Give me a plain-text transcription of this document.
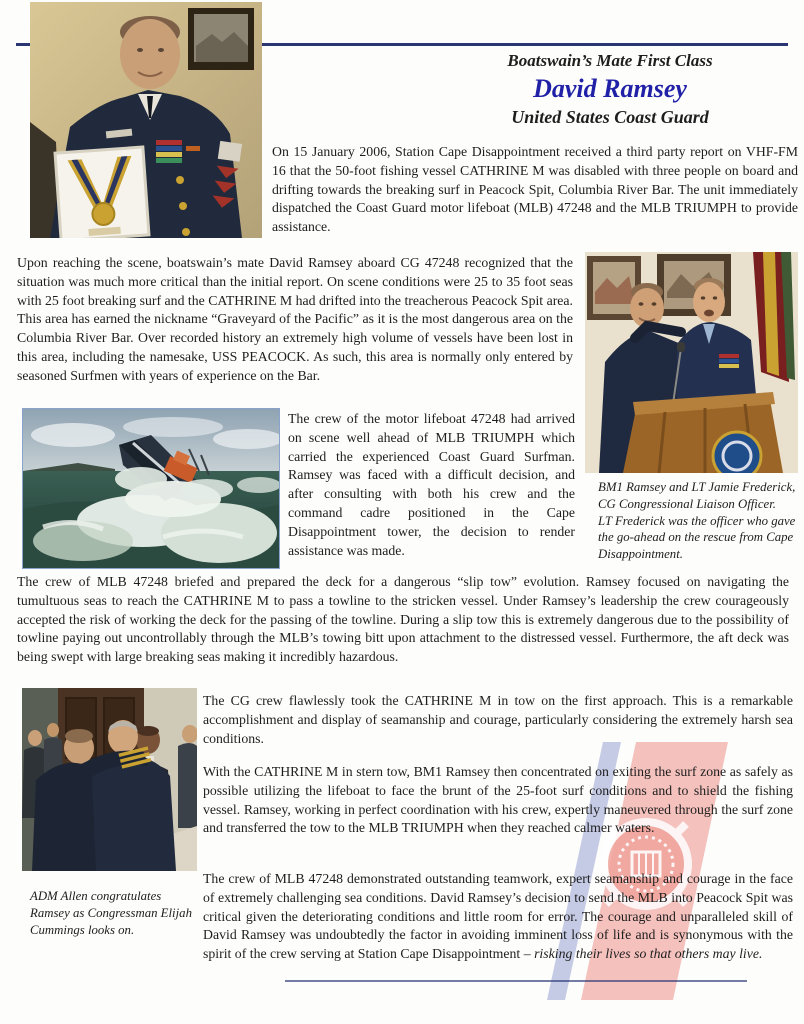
Boatswain’s Mate First Class
David Ramsey
United States Coast Guard
On 15 January 2006, Station Cape Disappointment received a third party report on VHF-FM 16 that the 50-foot fishing vessel CATHRINE M was disabled with three people on board and drifting towards the breaking surf in Peacock Spit, Columbia River Bar. The unit immediately dispatched the Coast Guard motor lifeboat (MLB) 47248 and the MLB TRIUMPH to provide assistance.
Upon reaching the scene, boatswain’s mate David Ramsey aboard CG 47248 recognized that the situation was much more critical than the initial report. On scene conditions were 25 to 35 foot seas with 25 foot breaking surf and the CATHRINE M had drifted into the treacherous Peacock Spit area. This area has earned the nickname “Graveyard of the Pacific” as it is the most dangerous area on the Columbia River Bar. Over recorded history an extremely high volume of vessels have been lost in this area, including the namesake, USS PEACOCK. As such, this area is normally only entered by seasoned Surfmen with years of experience on the Bar.
The crew of the motor lifeboat 47248 had arrived on scene well ahead of MLB TRIUMPH which carried the experienced Coast Guard Surfman. Ramsey was faced with a difficult decision, and after consulting with both his crew and the command cadre positioned in the Cape Disappointment tower, the decision to render assistance was made.
BM1 Ramsey and LT Jamie Frederick, CG Congressional Liaison Officer.
LT Frederick was the officer who gave the go-ahead on the rescue from Cape Disappointment.
The crew of MLB 47248 briefed and prepared the deck for a dangerous “slip tow” evolution. Ramsey focused on navigating the tumultuous seas to reach the CATHRINE M to pass a towline to the stricken vessel. Under Ramsey’s leadership the crew courageously accepted the risk of working the deck for the passing of the towline. During a slip tow this is extremely dangerous due to the possibility of towline paying out uncontrollably through the MLB’s towing bitt upon attachment to the distressed vessel. Furthermore, the aft deck was being swept with large breaking seas making it incredibly hazardous.
The CG crew flawlessly took the CATHRINE M in tow on the first approach. This is a remarkable accomplishment and display of seamanship and courage, particularly considering the extremely harsh sea conditions.
With the CATHRINE M in stern tow, BM1 Ramsey then concentrated on exiting the surf zone as safely as possible utilizing the lifeboat to face the brunt of the 25-foot surf conditions and to shield the fishing vessel. Ramsey, working in perfect coordination with his crew, expertly maneuvered through the surf zone and transferred the tow to the MLB TRIUMPH when they reached calmer waters.
The crew of MLB 47248 demonstrated outstanding teamwork, expert seamanship and courage in the face of extremely challenging sea conditions. David Ramsey’s decision to send the MLB into Peacock Spit was critical given the deteriorating conditions and little room for error. The courage and unparalleled skill of David Ramsey was undoubtedly the factor in avoiding imminent loss of life and is synonymous with the spirit of the crew serving at Station Cape Disappointment – risking their lives so that others may live.
ADM Allen congratulates Ramsey as Congressman Elijah Cummings looks on.
